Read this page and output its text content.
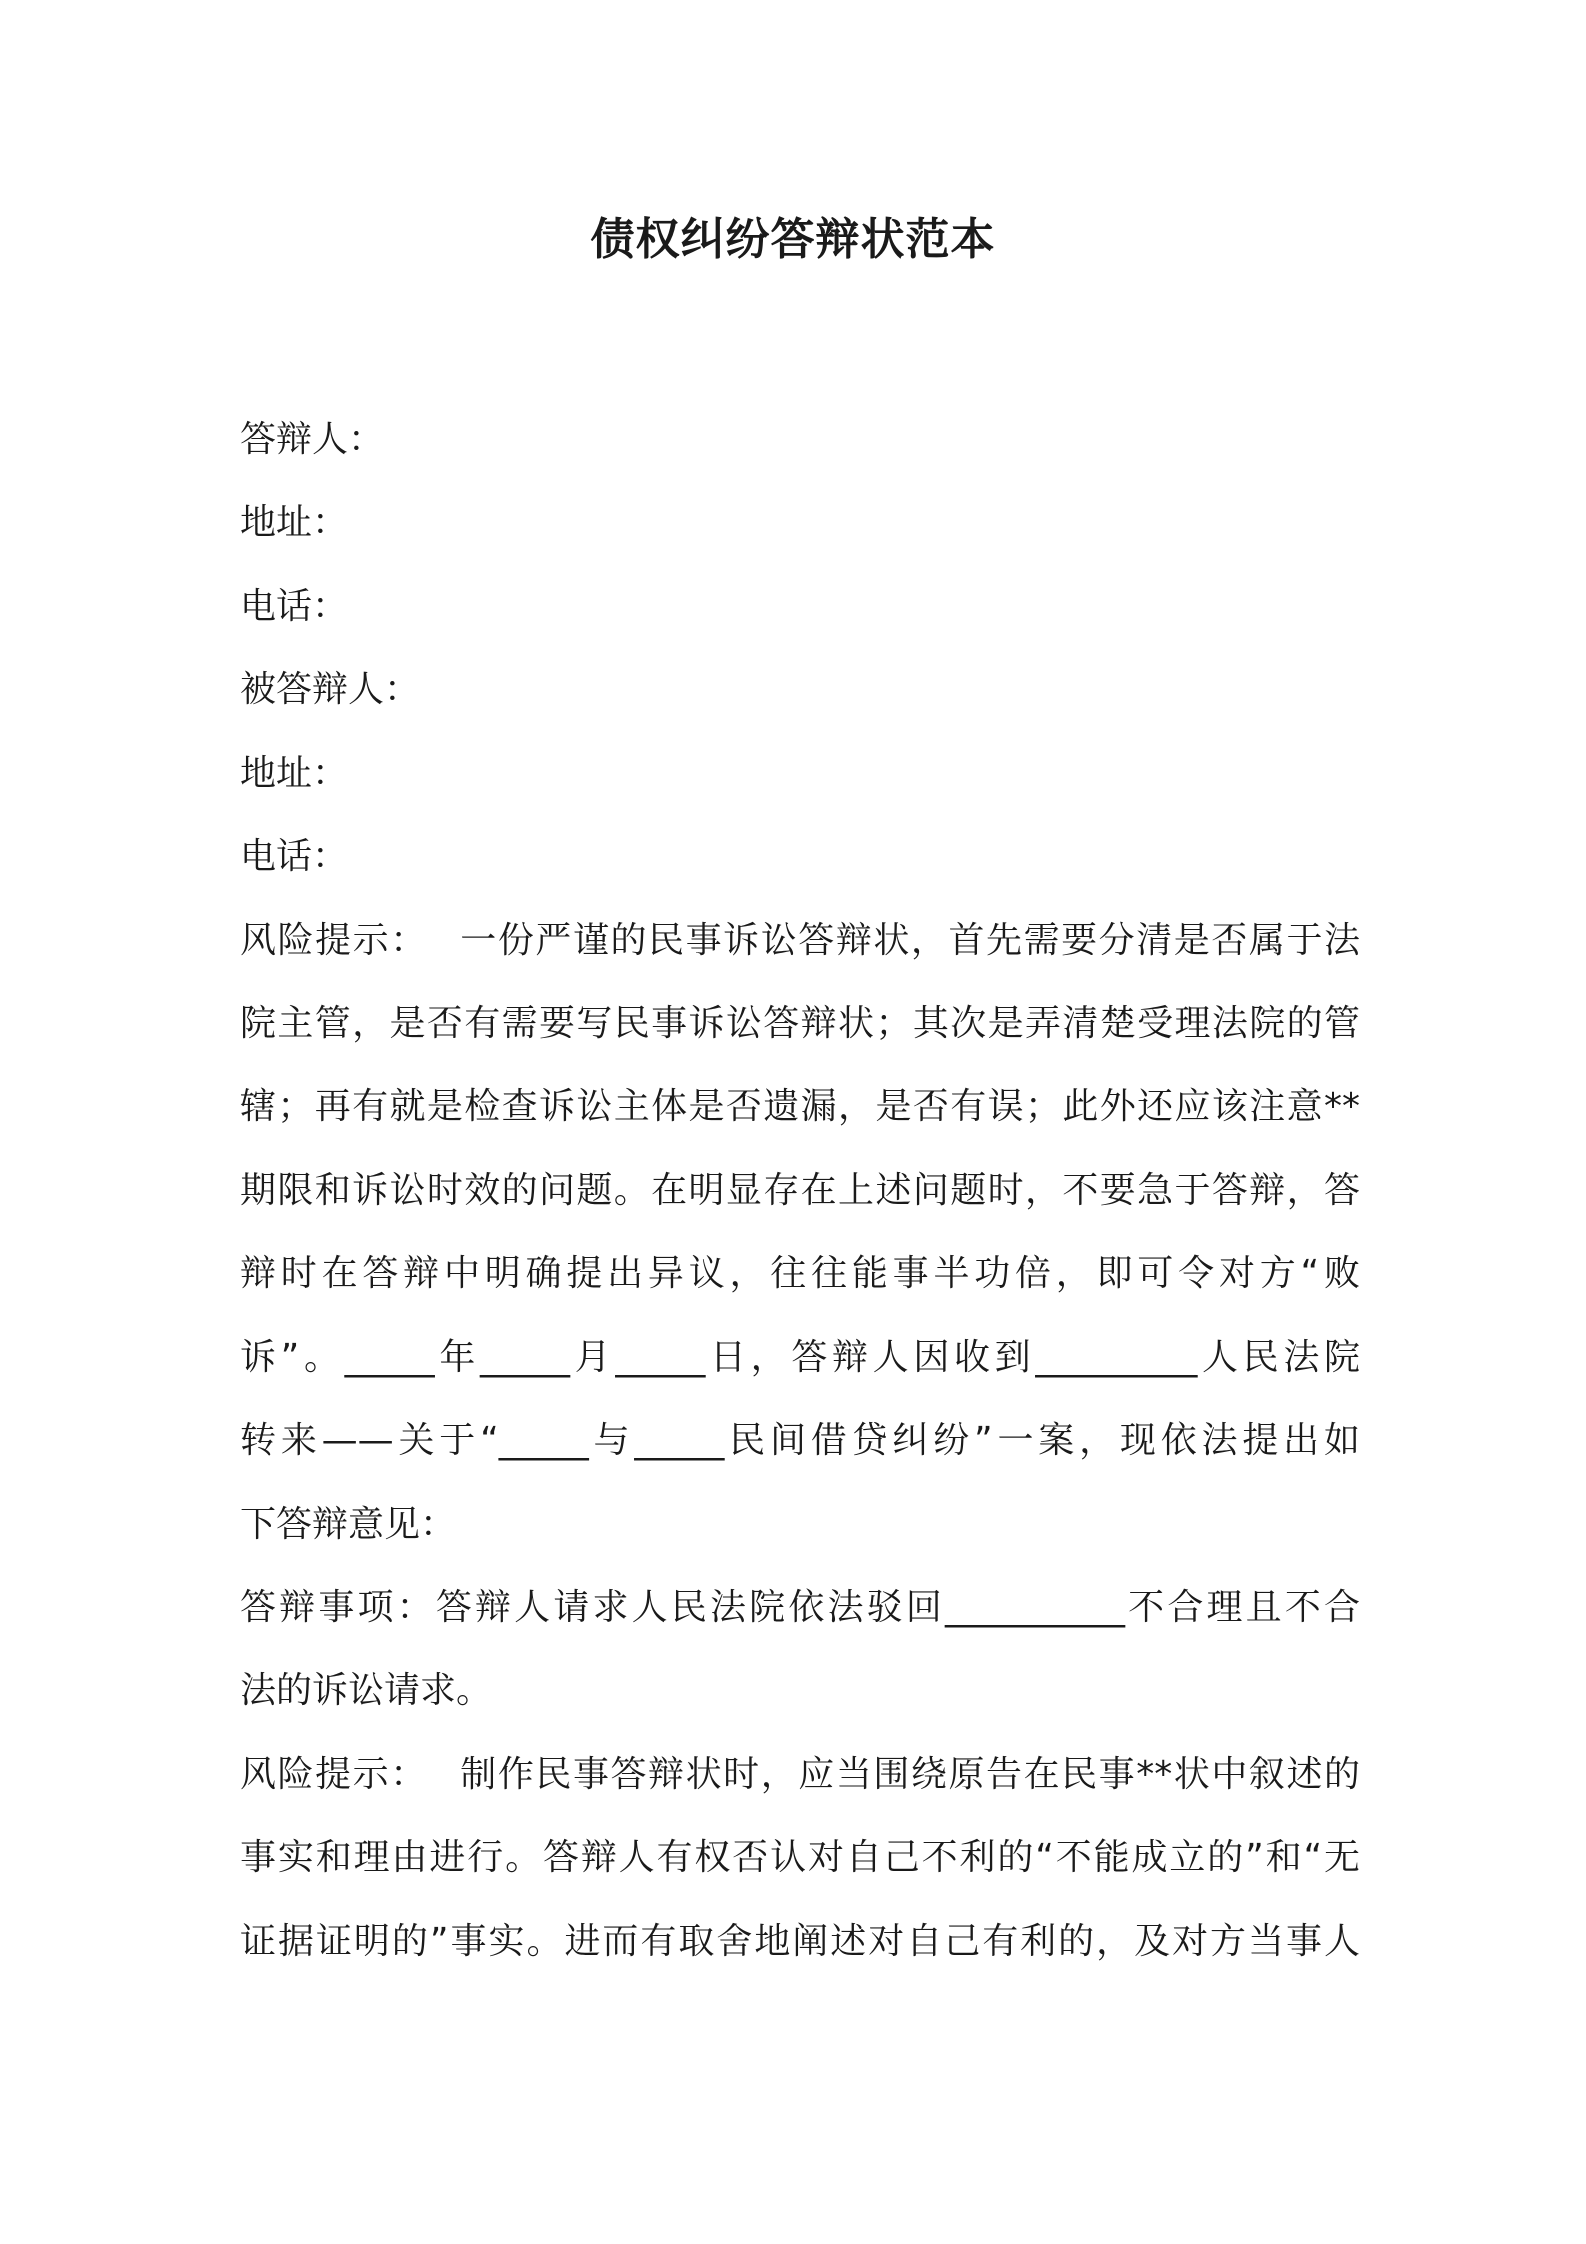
债权纠纷答辩状范本
答辩人：
地址：
电话：
被答辩人：
地址：
电话：
风险提示：　 一份严谨的民事诉讼答辩状，首先需要分清是否属于法
院主管，是否有需要写民事诉讼答辩状；其次是弄清楚受理法院的管
辖；再有就是检查诉讼主体是否遗漏，是否有误；此外还应该注意**
期限和诉讼时效的问题。在明显存在上述问题时，不要急于答辩，答
辩时在答辩中明确提出异议，往往能事半功倍，即可令对方“败
诉”。_____年_____月_____日，答辩人因收到_________人民法院
转来——关于“_____与_____民间借贷纠纷”一案，现依法提出如
下答辩意见：
答辩事项：答辩人请求人民法院依法驳回__________不合理且不合
法的诉讼请求。
风险提示：　 制作民事答辩状时，应当围绕原告在民事**状中叙述的
事实和理由进行。答辩人有权否认对自己不利的“不能成立的”和“无
证据证明的”事实。进而有取舍地阐述对自己有利的，及对方当事人
